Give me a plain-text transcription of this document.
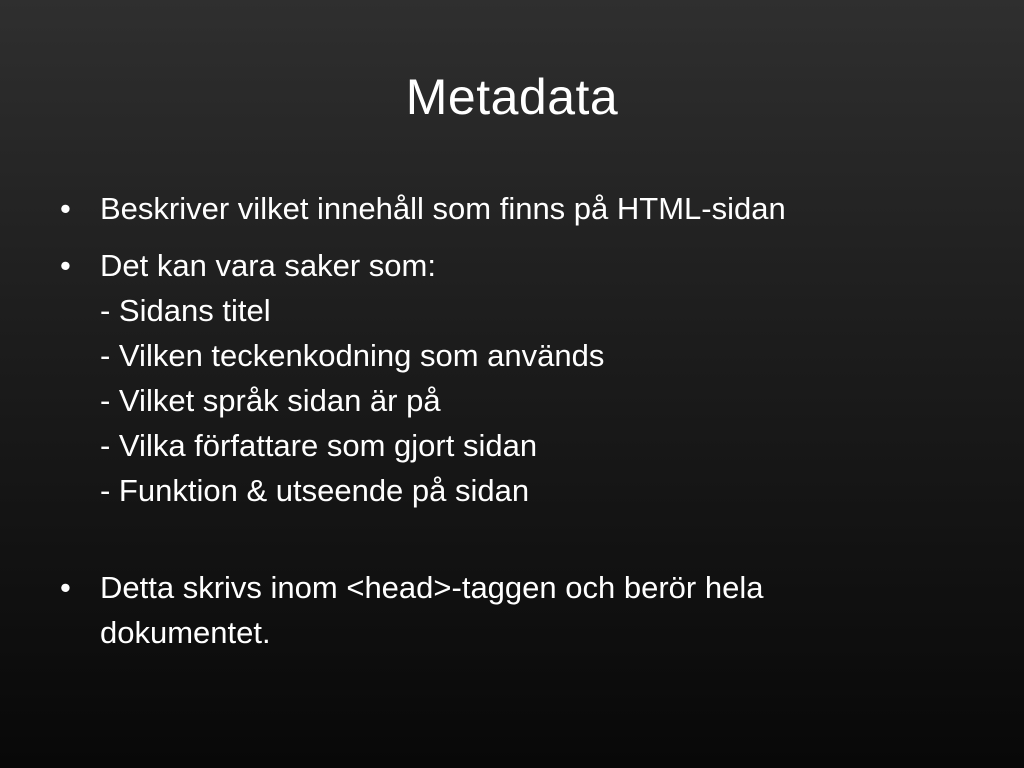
Metadata
• Beskriver vilket innehåll som finns på HTML-sidan
• Det kan vara saker som:
- Sidans titel
- Vilken teckenkodning som används
- Vilket språk sidan är på
- Vilka författare som gjort sidan
- Funktion & utseende på sidan
• Detta skrivs inom <head>-taggen och berör hela
dokumentet.
